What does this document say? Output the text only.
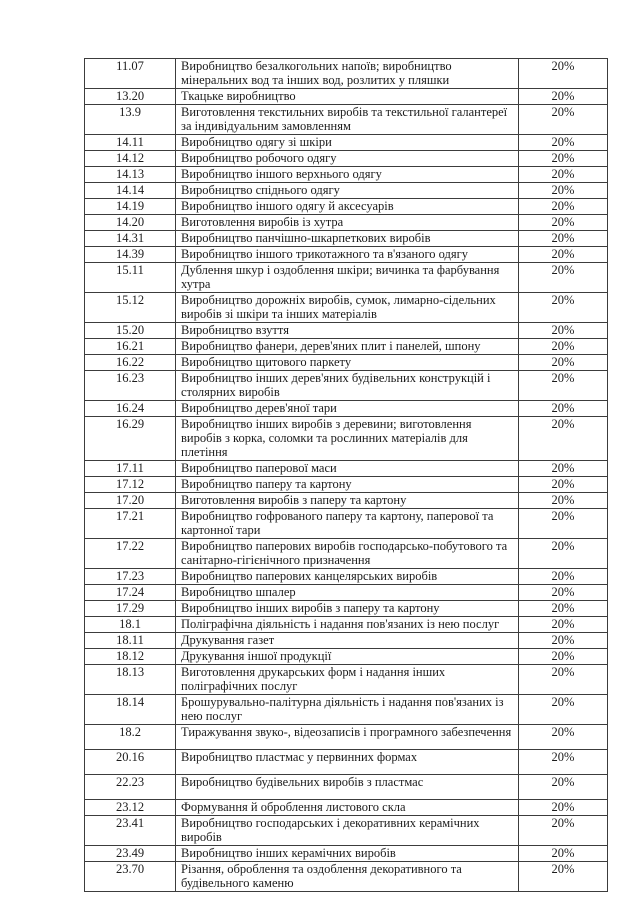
11.07	Виробництво безалкогольних напоїв; виробництво мінеральних вод та інших вод, розлитих у пляшки	20%
13.20	Ткацьке виробництво	20%
13.9	Виготовлення текстильних виробів та текстильної галантереї за індивідуальним замовленням	20%
14.11	Виробництво одягу зі шкіри	20%
14.12	Виробництво робочого одягу	20%
14.13	Виробництво іншого верхнього одягу	20%
14.14	Виробництво спіднього одягу	20%
14.19	Виробництво іншого одягу й аксесуарів	20%
14.20	Виготовлення виробів із хутра	20%
14.31	Виробництво панчішно-шкарпеткових виробів	20%
14.39	Виробництво іншого трикотажного та в'язаного одягу	20%
15.11	Дублення шкур і оздоблення шкіри; вичинка та фарбування хутра	20%
15.12	Виробництво дорожніх виробів, сумок, лимарно-сідельних виробів зі шкіри та інших матеріалів	20%
15.20	Виробництво взуття	20%
16.21	Виробництво фанери, дерев'яних плит і панелей, шпону	20%
16.22	Виробництво щитового паркету	20%
16.23	Виробництво інших дерев'яних будівельних конструкцій і столярних виробів	20%
16.24	Виробництво дерев'яної тари	20%
16.29	Виробництво інших виробів з деревини; виготовлення виробів з корка, соломки та рослинних матеріалів для плетіння	20%
17.11	Виробництво паперової маси	20%
17.12	Виробництво паперу та картону	20%
17.20	Виготовлення виробів з паперу та картону	20%
17.21	Виробництво гофрованого паперу та картону, паперової та картонної тари	20%
17.22	Виробництво паперових виробів господарсько-побутового та санітарно-гігієнічного призначення	20%
17.23	Виробництво паперових канцелярських виробів	20%
17.24	Виробництво шпалер	20%
17.29	Виробництво інших виробів з паперу та картону	20%
18.1	Поліграфічна діяльність і надання пов'язаних із нею послуг	20%
18.11	Друкування газет	20%
18.12	Друкування іншої продукції	20%
18.13	Виготовлення друкарських форм і надання інших поліграфічних послуг	20%
18.14	Брошурувально-палітурна діяльність і надання пов'язаних із нею послуг	20%
18.2	Тиражування звуко-, відеозаписів і програмного забезпечення	20%
20.16	Виробництво пластмас у первинних формах	20%
22.23	Виробництво будівельних виробів з пластмас	20%
23.12	Формування й оброблення листового скла	20%
23.41	Виробництво господарських і декоративних керамічних виробів	20%
23.49	Виробництво інших керамічних виробів	20%
23.70	Різання, оброблення та оздоблення декоративного та будівельного каменю	20%
